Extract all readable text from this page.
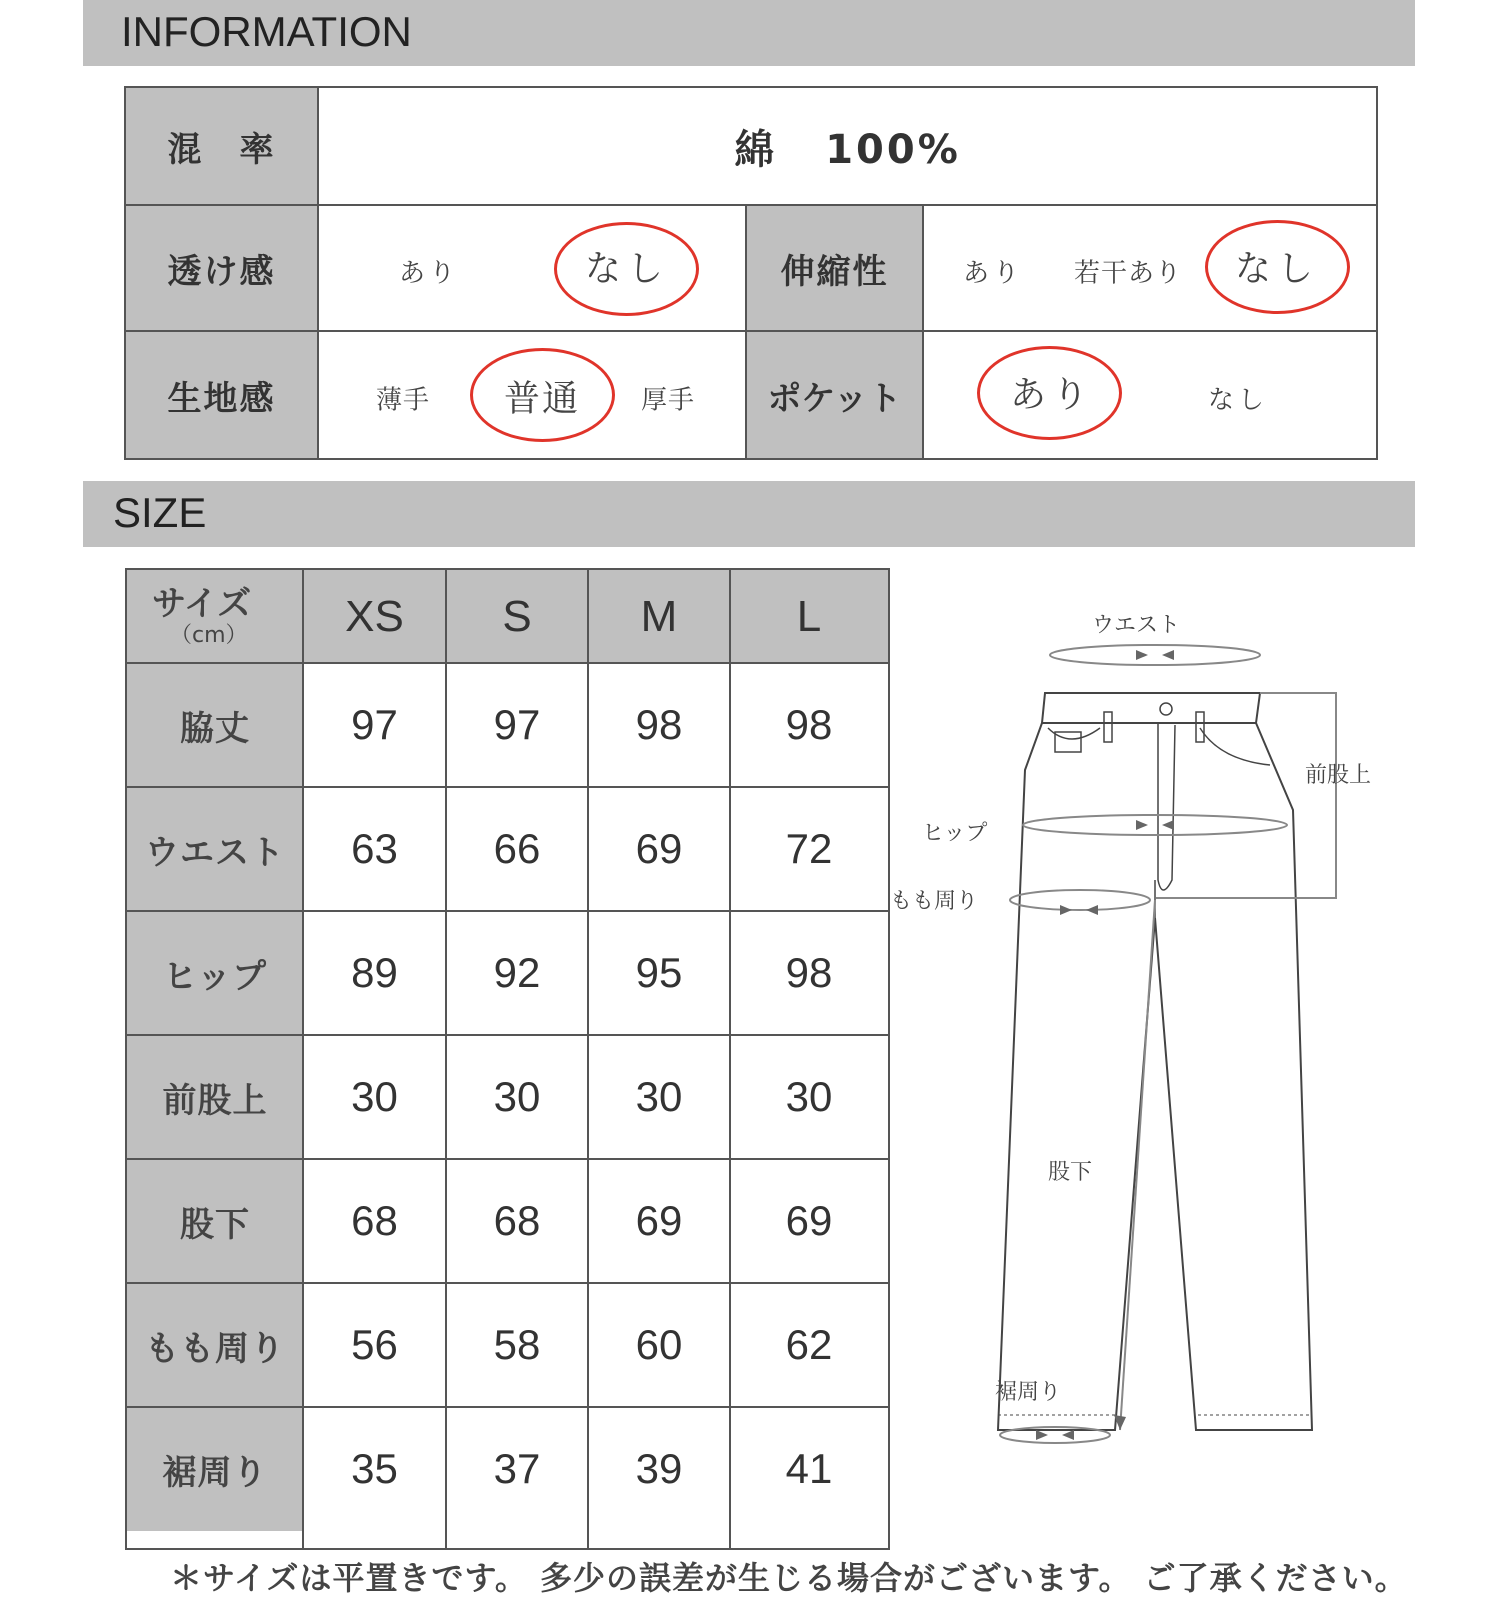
INFORMATION
混　率	綿 100%
透け感	あり	なし	伸縮性	あり 若干あり なし
生地感	薄手 普通 厚手	ポケット	あり	なし
SIZE
サイズ
（cm）	XS	S	M	L
脇丈	97	97	98	98
ウエスト	63	66	69	72
ヒップ	89	92	95	98
前股上	30	30	30	30
股下	68	68	69	69
もも周り	56	58	60	62
裾周り	35	37	39	41
＊サイズは平置きです。 多少の誤差が生じる場合がございます。 ご了承ください。
ウエスト
前股上
ヒップ
もも周り
股下
裾周り
